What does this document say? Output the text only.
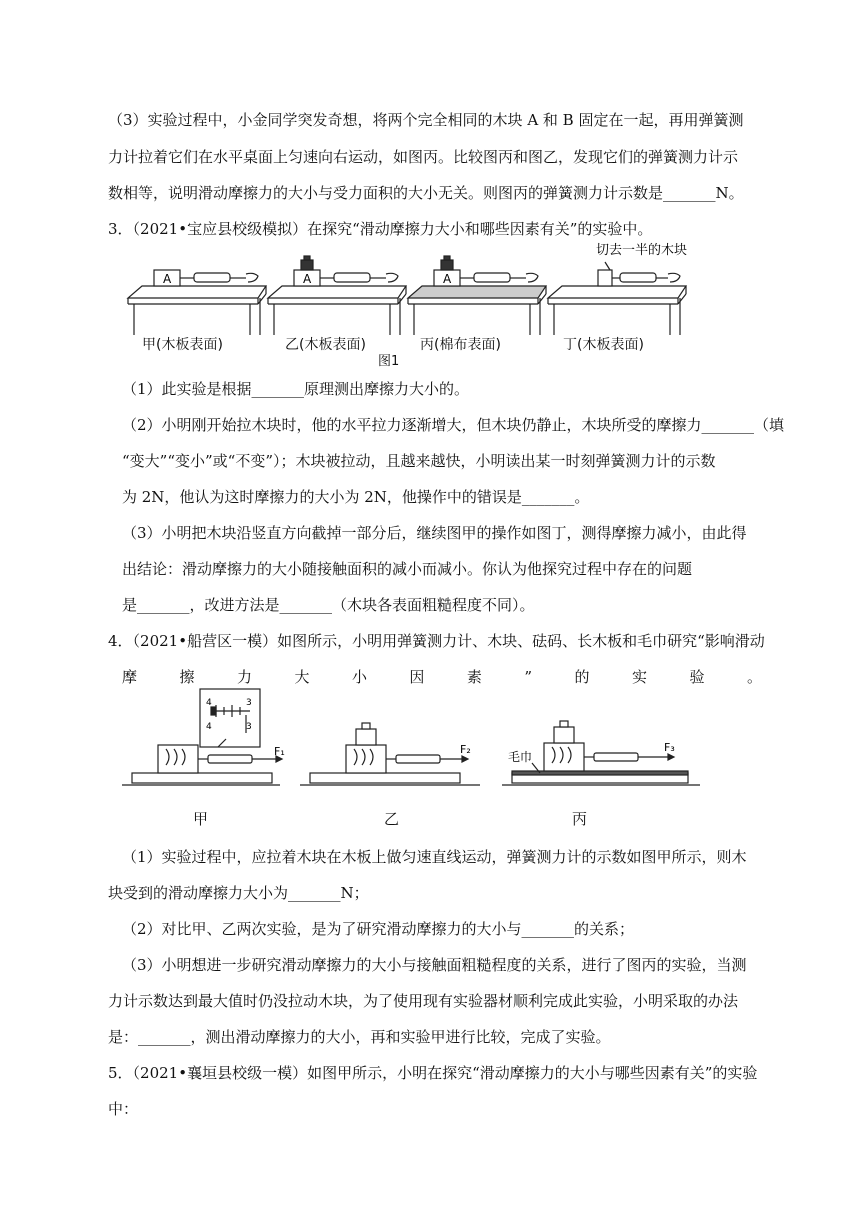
（3）实验过程中，小金同学突发奇想，将两个完全相同的木块 A 和 B 固定在一起，再用弹簧测
力计拉着它们在水平桌面上匀速向右运动，如图丙。比较图丙和图乙，发现它们的弹簧测力计示
数相等，说明滑动摩擦力的大小与受力面积的大小无关。则图丙的弹簧测力计示数是_______N。
3．（2021•宝应县校级模拟）在探究“滑动摩擦力大小和哪些因素有关”的实验中。
A	A	A
切去一半的木块
甲(木板表面)	乙(木板表面)	丙(棉布表面)	丁(木板表面)
图1
（1）此实验是根据_______原理测出摩擦力大小的。
（2）小明刚开始拉木块时，他的水平拉力逐渐增大，但木块仍静止，木块所受的摩擦力_______（填
“变大”“变小”或“不变”）；木块被拉动，且越来越快，小明读出某一时刻弹簧测力计的示数
为 2N，他认为这时摩擦力的大小为 2N，他操作中的错误是_______。
（3）小明把木块沿竖直方向截掉一部分后，继续图甲的操作如图丁，测得摩擦力减小，由此得
出结论：滑动摩擦力的大小随接触面积的减小而减小。你认为他探究过程中存在的问题
是_______，改进方法是_______（木块各表面粗糙程度不同）。
4．（2021•船营区一模）如图所示，小明用弹簧测力计、木块、砝码、长木板和毛巾研究“影响滑动
摩	擦	力	大	小	因	素	”	的	实	验	。
4	3
4	3
F₁	F₂	F₃
毛巾
甲	乙	丙
（1）实验过程中，应拉着木块在木板上做匀速直线运动，弹簧测力计的示数如图甲所示，则木
块受到的滑动摩擦力大小为_______N；
（2）对比甲、乙两次实验，是为了研究滑动摩擦力的大小与_______的关系；
（3）小明想进一步研究滑动摩擦力的大小与接触面粗糙程度的关系，进行了图丙的实验，当测
力计示数达到最大值时仍没拉动木块，为了使用现有实验器材顺利完成此实验，小明采取的办法
是：_______，测出滑动摩擦力的大小，再和实验甲进行比较，完成了实验。
5．（2021•襄垣县校级一模）如图甲所示，小明在探究“滑动摩擦力的大小与哪些因素有关”的实验
中：
